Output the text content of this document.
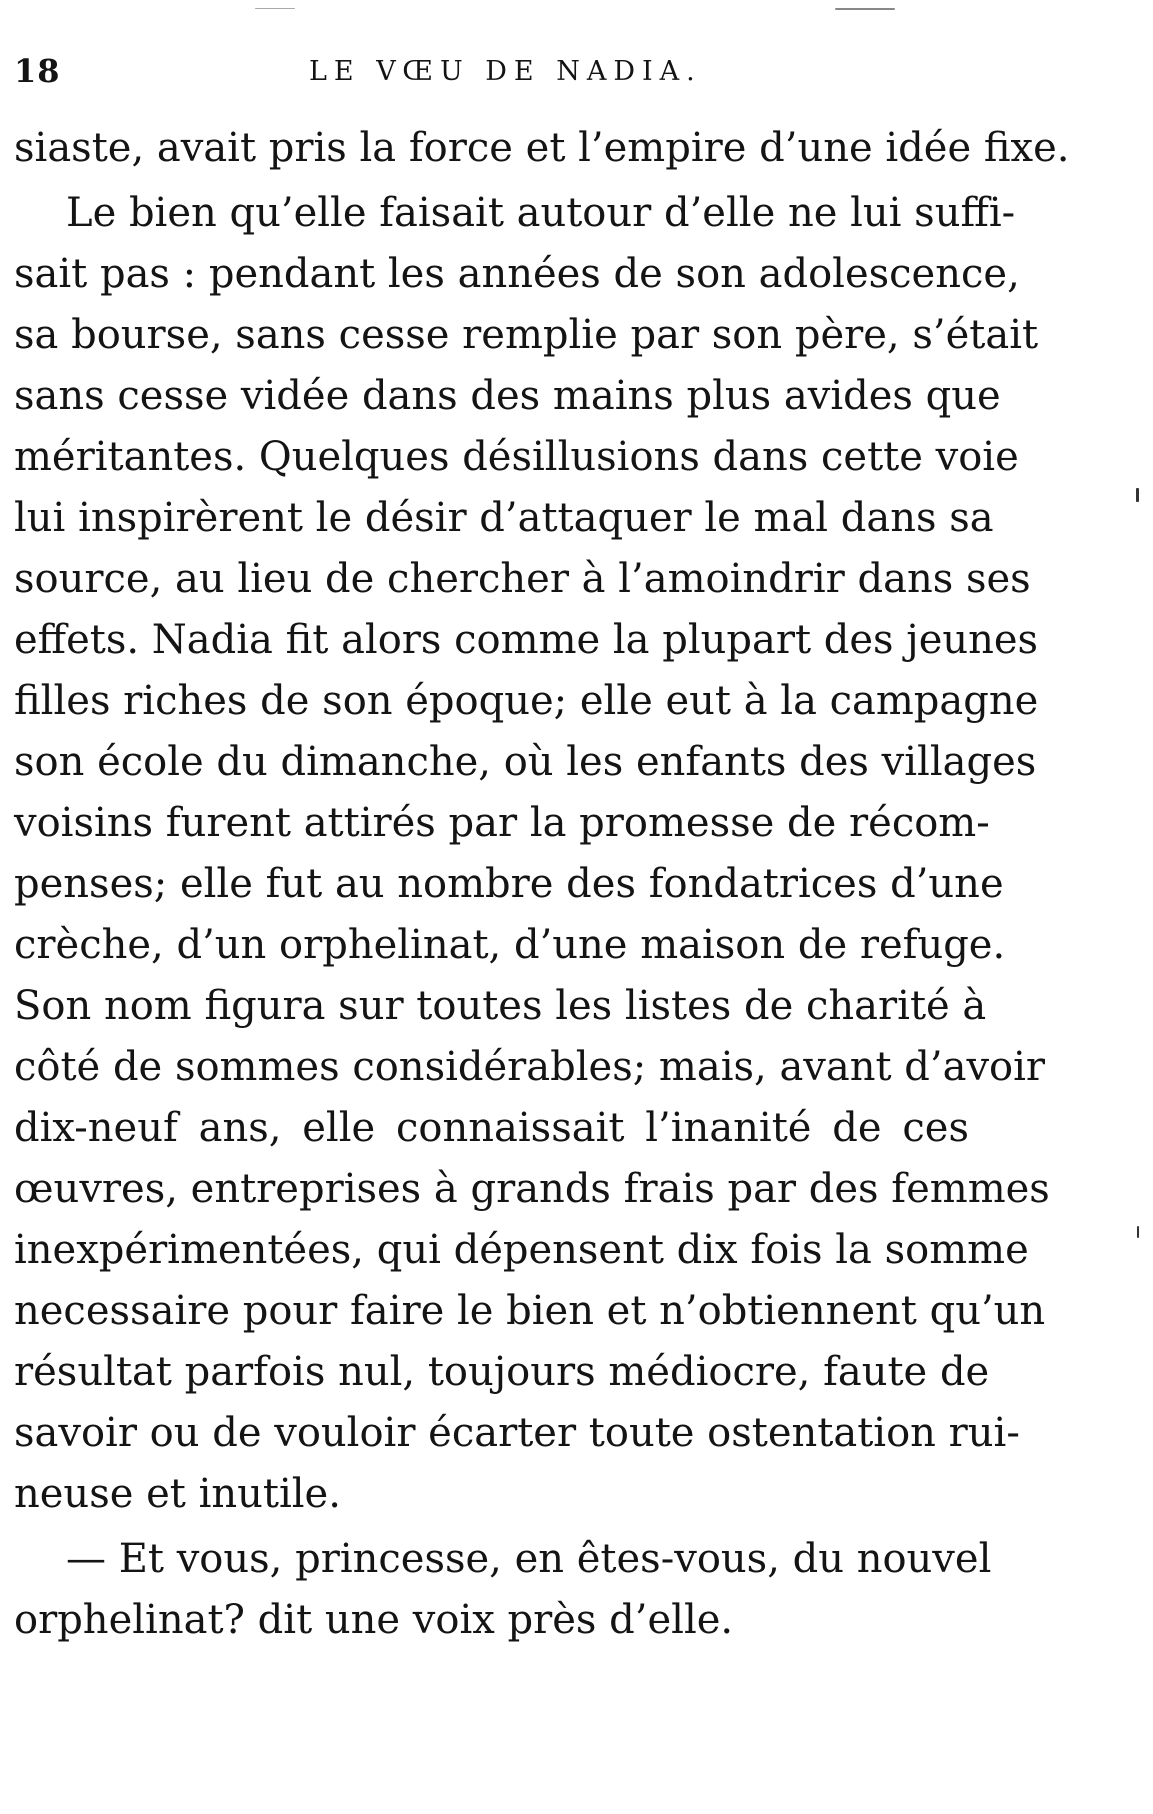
18	LE VŒU DE NADIA.
siaste, avait pris la force et l’empire d’une idée fixe.
Le bien qu’elle faisait autour d’elle ne lui suffi-
sait pas : pendant les années de son adolescence,
sa bourse, sans cesse remplie par son père, s’était
sans cesse vidée dans des mains plus avides que
méritantes. Quelques désillusions dans cette voie
lui inspirèrent le désir d’attaquer le mal dans sa
source, au lieu de chercher à l’amoindrir dans ses
effets. Nadia fit alors comme la plupart des jeunes
filles riches de son époque; elle eut à la campagne
son école du dimanche, où les enfants des villages
voisins furent attirés par la promesse de récom-
penses; elle fut au nombre des fondatrices d’une
crèche, d’un orphelinat, d’une maison de refuge.
Son nom figura sur toutes les listes de charité à
côté de sommes considérables; mais, avant d’avoir
dix-neuf ans, elle connaissait l’inanité de ces
œuvres, entreprises à grands frais par des femmes
inexpérimentées, qui dépensent dix fois la somme
necessaire pour faire le bien et n’obtiennent qu’un
résultat parfois nul, toujours médiocre, faute de
savoir ou de vouloir écarter toute ostentation rui-
neuse et inutile.
— Et vous, princesse, en êtes-vous, du nouvel
orphelinat? dit une voix près d’elle.
